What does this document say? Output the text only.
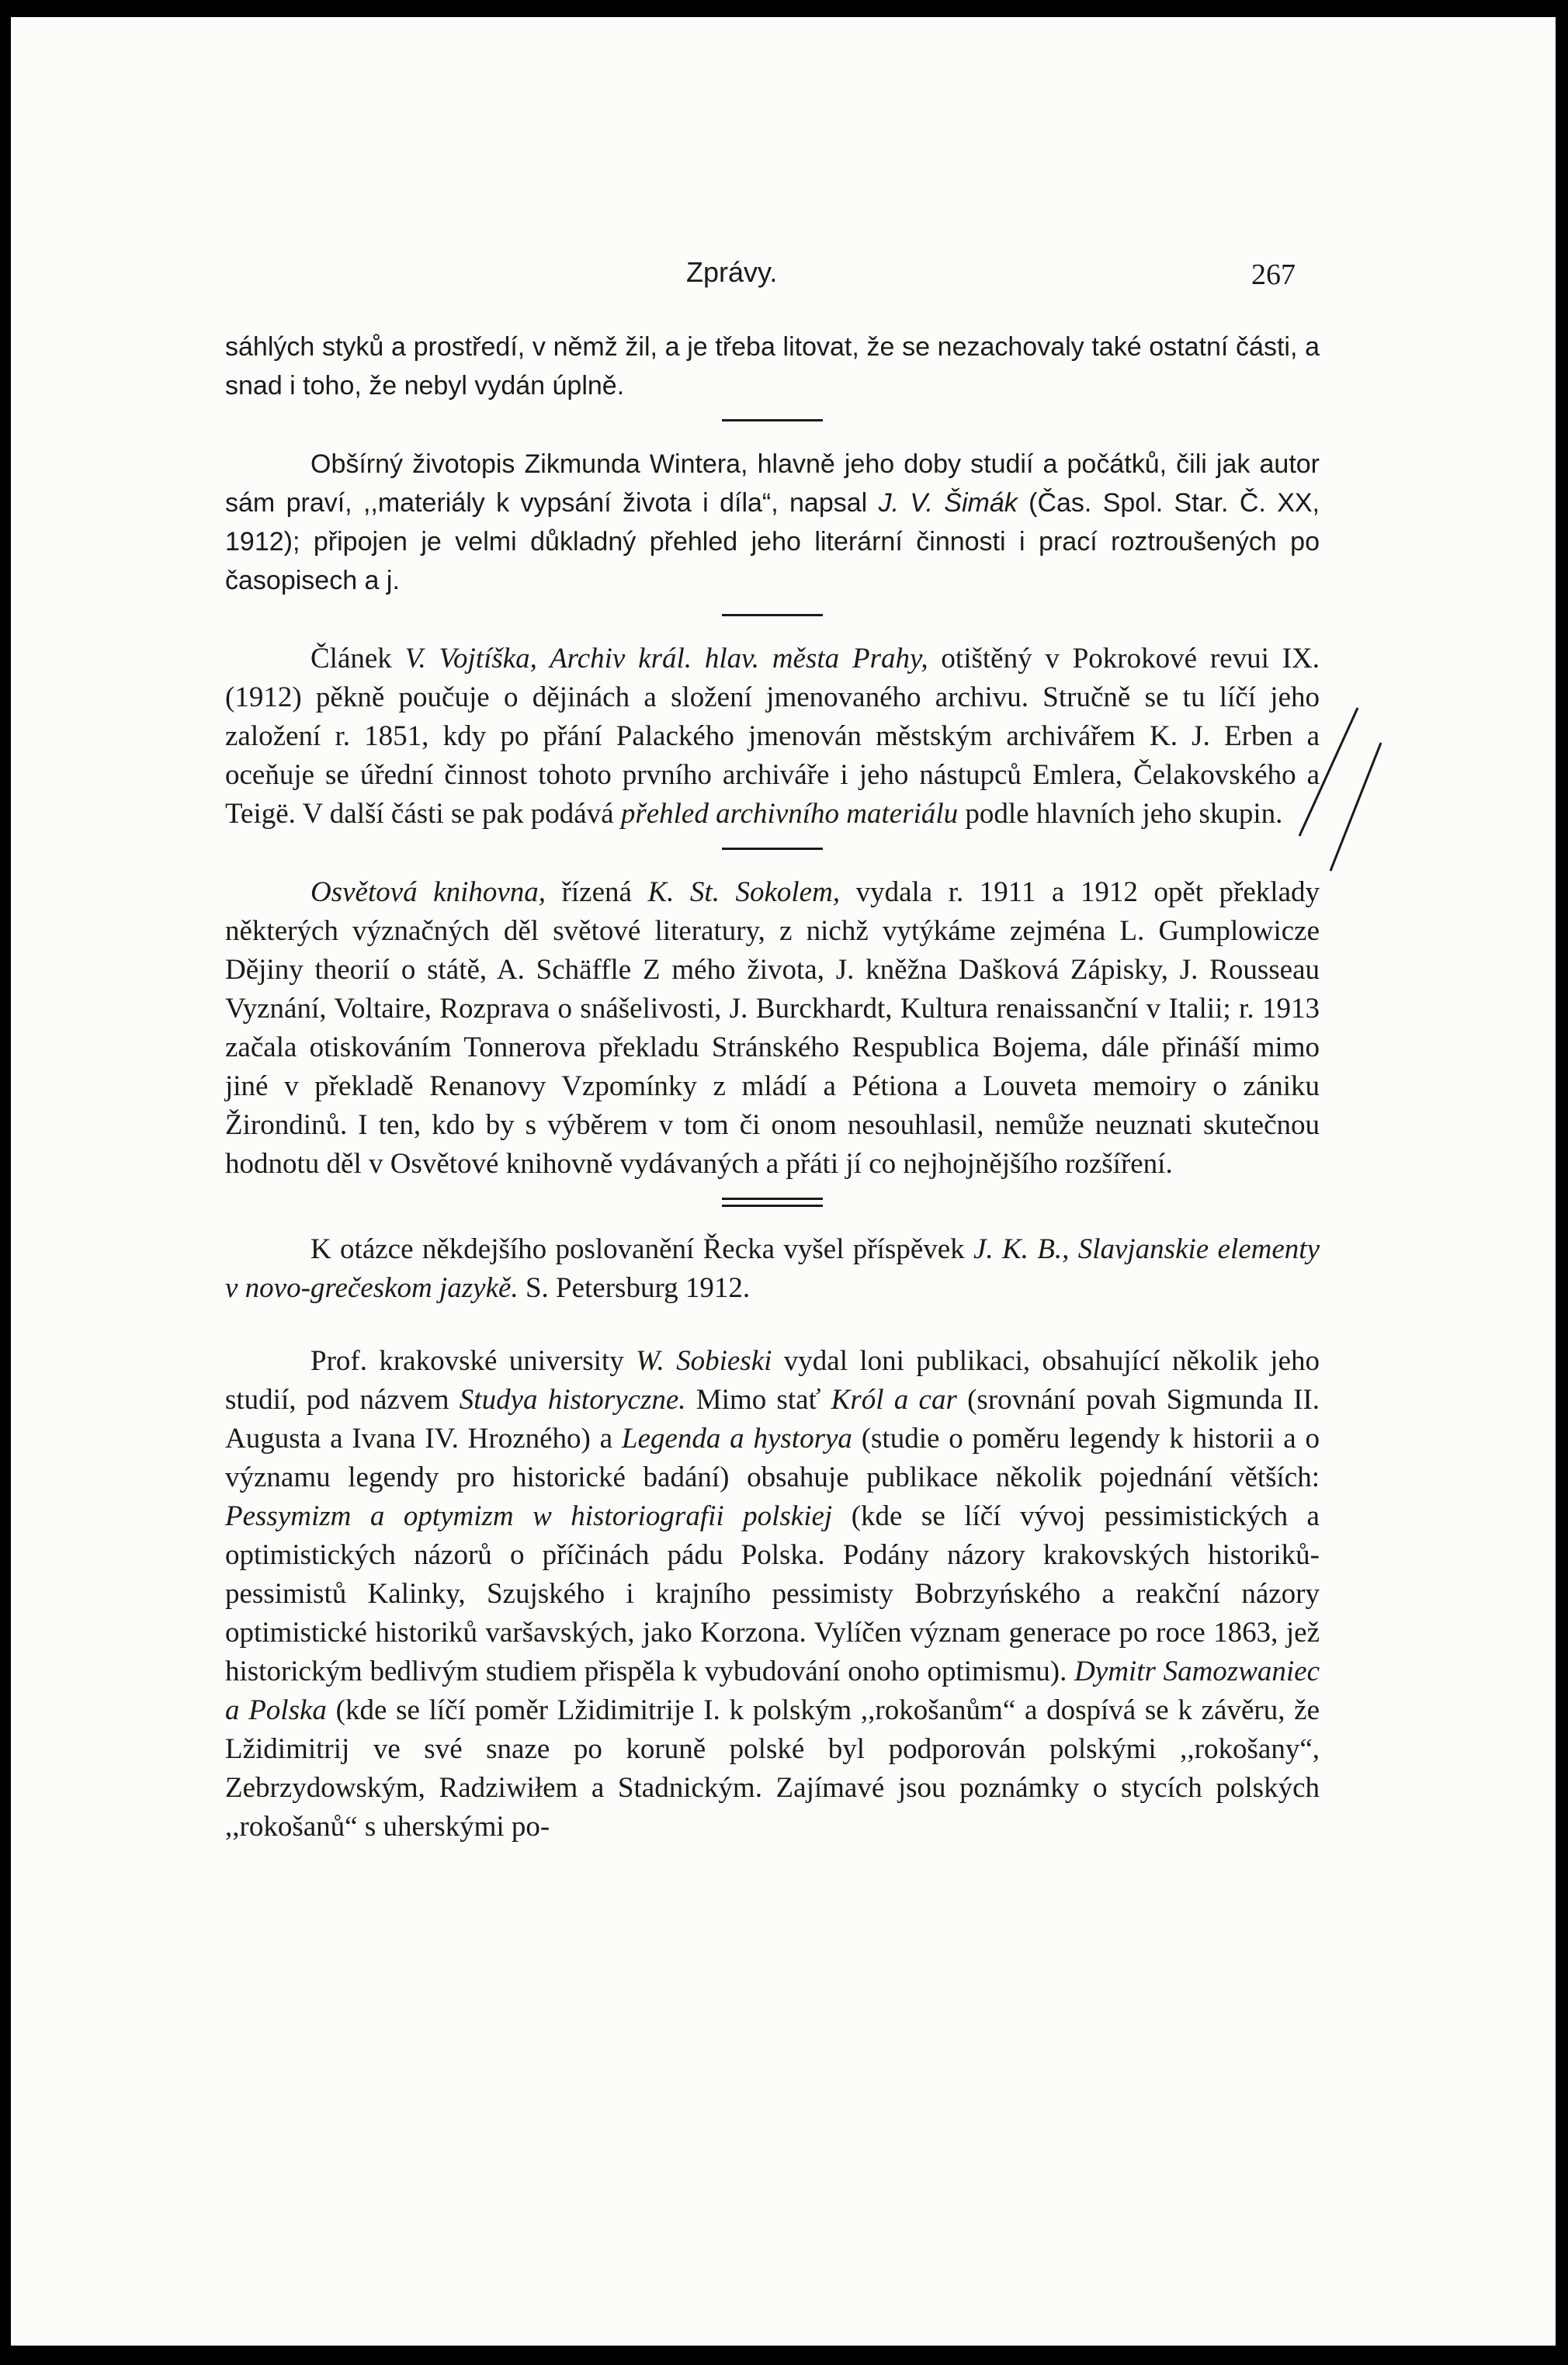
Zprávy.	267

sáhlých styků a prostředí, v němž žil, a je třeba litovat, že se nezachovaly také ostatní části, a snad i toho, že nebyl vydán úplně.

Obšírný životopis Zikmunda Wintera, hlavně jeho doby studií a počátků, čili jak autor sám praví, ,,materiály k vypsání života i díla“, napsal J. V. Šimák (Čas. Spol. Star. Č. XX, 1912); připojen je velmi důkladný přehled jeho literární činnosti i prací roztroušených po časopisech a j.

Článek V. Vojtíška, Archiv král. hlav. města Prahy, otištěný v Pokrokové revui IX. (1912) pěkně poučuje o dějinách a složení jmenovaného archivu. Stručně se tu líčí jeho založení r. 1851, kdy po přání Palackého jmenován městským archivářem K. J. Erben a oceňuje se úřední činnost tohoto prvního archiváře i jeho nástupců Emlera, Čelakovského a Teigë. V další části se pak podává přehled archivního materiálu podle hlavních jeho skupin.

Osvětová knihovna, řízená K. St. Sokolem, vydala r. 1911 a 1912 opět překlady některých význačných děl světové literatury, z nichž vytýkáme zejména L. Gumplowicze Dějiny theorií o státě, A. Schäffle Z mého života, J. kněžna Dašková Zápisky, J. Rousseau Vyznání, Voltaire, Rozprava o snášelivosti, J. Burckhardt, Kultura renaissanční v Italii; r. 1913 začala otiskováním Tonnerova překladu Stránského Respublica Bojema, dále přináší mimo jiné v překladě Renanovy Vzpomínky z mládí a Pétiona a Louveta memoiry o zániku Žirondinů. I ten, kdo by s výběrem v tom či onom nesouhlasil, nemůže neuznati skutečnou hodnotu děl v Osvětové knihovně vydávaných a přáti jí co nejhojnějšího rozšíření.

K otázce někdejšího poslovanění Řecka vyšel příspěvek J. K. B., Slavjanskie elementy v novo-grečeskom jazykě. S. Petersburg 1912.

Prof. krakovské university W. Sobieski vydal loni publikaci, obsahující několik jeho studií, pod názvem Studya historyczne. Mimo stať Król a car (srovnání povah Sigmunda II. Augusta a Ivana IV. Hrozného) a Legenda a hystorya (studie o poměru legendy k historii a o významu legendy pro historické badání) obsahuje publikace několik pojednání větších: Pessymizm a optymizm w historiografii polskiej (kde se líčí vývoj pessimistických a optimistických názorů o příčinách pádu Polska. Podány názory krakovských historiků-pessimistů Kalinky, Szujského i krajního pessimisty Bobrzyńského a reakční názory optimistické historiků varšavských, jako Korzona. Vylíčen význam generace po roce 1863, jež historickým bedlivým studiem přispěla k vybudování onoho optimismu). Dymitr Samozwaniec a Polska (kde se líčí poměr Lžidimitrije I. k polským ,,rokošanům“ a dospívá se k závěru, že Lžidimitrij ve své snaze po koruně polské byl podporován polskými ,,rokošany“, Zebrzydowským, Radziwiłem a Stadnickým. Zajímavé jsou poznámky o stycích polských ,,rokošanů“ s uherskými po-
